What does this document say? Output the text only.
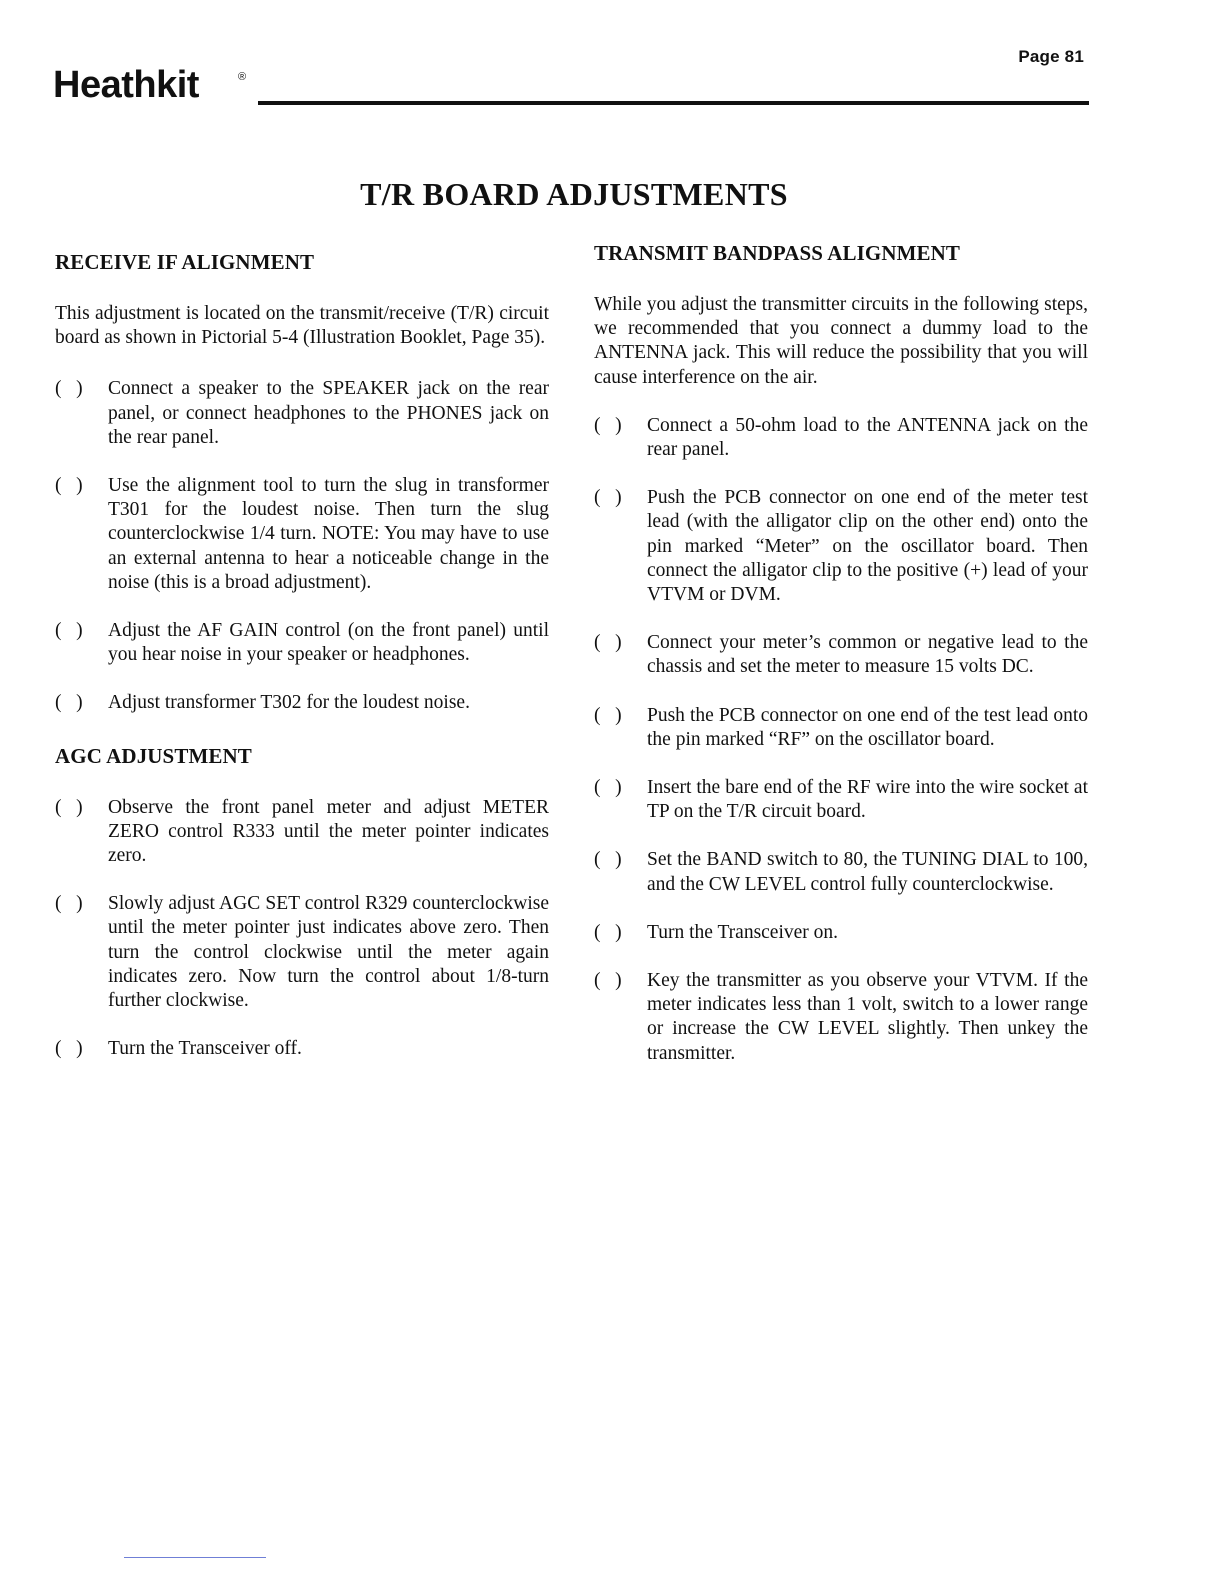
Page 81
Heathkit	®
T/R BOARD ADJUSTMENTS
RECEIVE IF ALIGNMENT

This adjustment is located on the transmit/receive (T/R) circuit board as shown in Pictorial 5-4 (Illustration Booklet, Page 35).

(   )	Connect a speaker to the SPEAKER jack on the rear panel, or connect headphones to the PHONES jack on the rear panel.

(   )	Use the alignment tool to turn the slug in transformer T301 for the loudest noise. Then turn the slug counterclockwise 1/4 turn. NOTE: You may have to use an external antenna to hear a noticeable change in the noise (this is a broad adjustment).

(   )	Adjust the AF GAIN control (on the front panel) until you hear noise in your speaker or headphones.

(   )	Adjust transformer T302 for the loudest noise.

AGC ADJUSTMENT
(   )	Observe the front panel meter and adjust METER ZERO control R333 until the meter pointer indicates zero.

(   )	Slowly adjust AGC SET control R329 counterclockwise until the meter pointer just indicates above zero. Then turn the control clockwise until the meter again indicates zero. Now turn the control about 1/8-turn further clockwise.

(   )	Turn the Transceiver off.

TRANSMIT BANDPASS ALIGNMENT

While you adjust the transmitter circuits in the following steps, we recommended that you connect a dummy load to the ANTENNA jack. This will reduce the possibility that you will cause interference on the air.

(   )	Connect a 50-ohm load to the ANTENNA jack on the rear panel.

(   )	Push the PCB connector on one end of the meter test lead (with the alligator clip on the other end) onto the pin marked “Meter” on the oscillator board. Then connect the alligator clip to the positive (+) lead of your VTVM or DVM.

(   )	Connect your meter’s common or negative lead to the chassis and set the meter to measure 15 volts DC.

(   )	Push the PCB connector on one end of the test lead onto the pin marked “RF” on the oscillator board.

(   )	Insert the bare end of the RF wire into the wire socket at TP on the T/R circuit board.

(   )	Set the BAND switch to 80, the TUNING DIAL to 100, and the CW LEVEL control fully counterclockwise.

(   )	Turn the Transceiver on.

(   )	Key the transmitter as you observe your VTVM. If the meter indicates less than 1 volt, switch to a lower range or increase the CW LEVEL slightly. Then unkey the transmitter.
